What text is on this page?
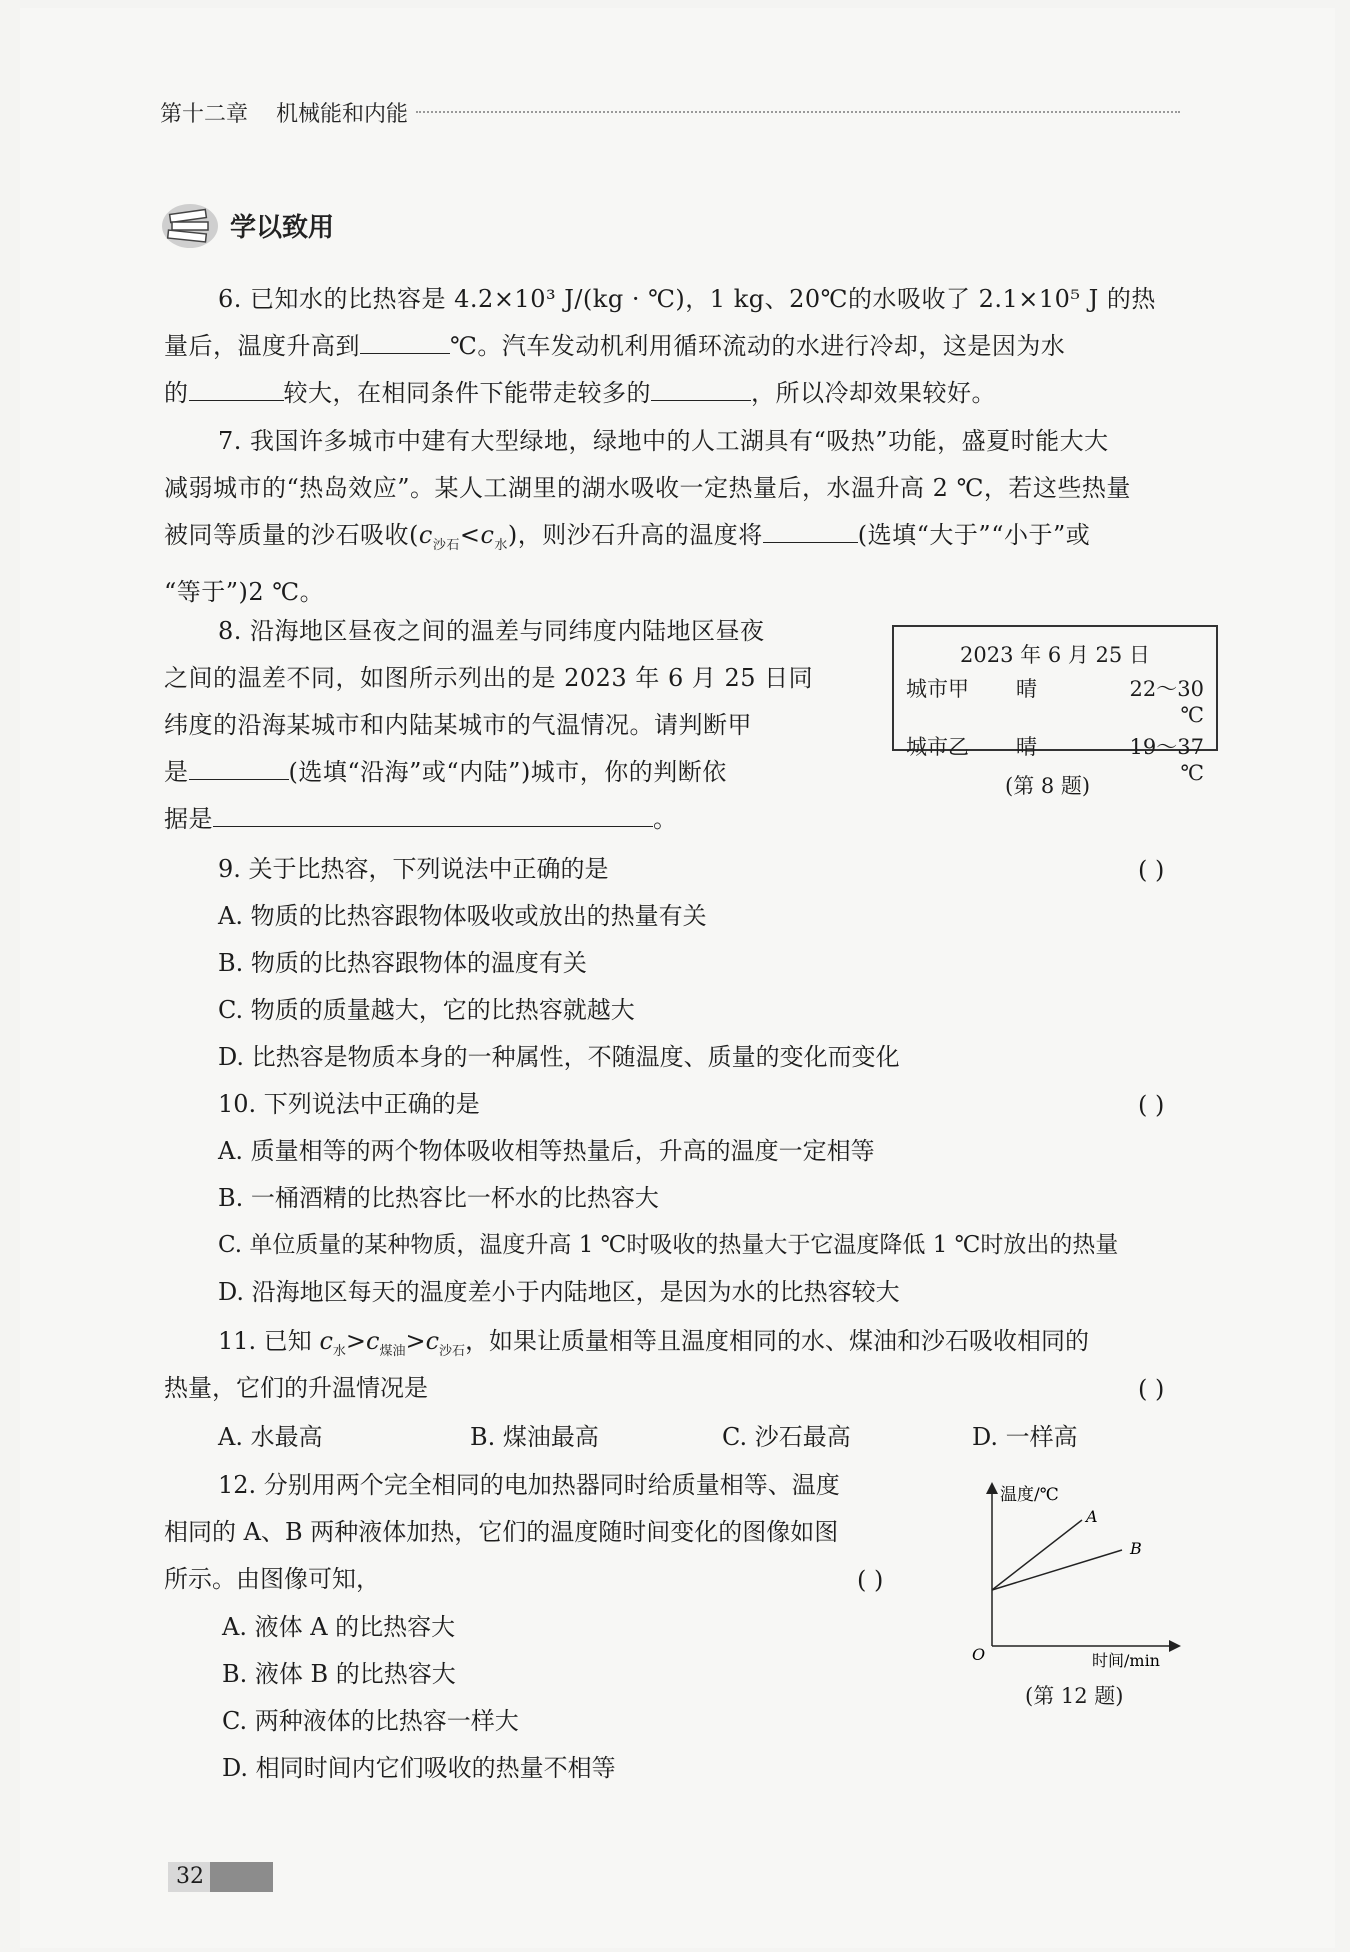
第十二章 机械能和内能
学以致用
6. 已知水的比热容是 4.2×10³ J/(kg · ℃)，1 kg、20℃的水吸收了 2.1×10⁵ J 的热
量后，温度升高到	℃。汽车发动机利用循环流动的水进行冷却，这是因为水
的	较大，在相同条件下能带走较多的	，所以冷却效果较好。
7. 我国许多城市中建有大型绿地，绿地中的人工湖具有“吸热”功能，盛夏时能大大
减弱城市的“热岛效应”。某人工湖里的湖水吸收一定热量后，水温升高 2 ℃，若这些热量
被同等质量的沙石吸收$(c_{沙石}<c_水)$，则沙石升高的温度将	(选填“大于”“小于”或
“等于”)2 ℃。
8. 沿海地区昼夜之间的温差与同纬度内陆地区昼夜
之间的温差不同，如图所示列出的是 2023 年 6 月 25 日同
纬度的沿海某城市和内陆某城市的气温情况。请判断甲
是	(选填“沿海”或“内陆”)城市，你的判断依
据是	。
2023 年 6 月 25 日
城市甲	晴	22～30 ℃
城市乙	晴	19～37 ℃
(第 8 题)
9. 关于比热容，下列说法中正确的是	( )
A. 物质的比热容跟物体吸收或放出的热量有关
B. 物质的比热容跟物体的温度有关
C. 物质的质量越大，它的比热容就越大
D. 比热容是物质本身的一种属性，不随温度、质量的变化而变化
10. 下列说法中正确的是	( )
A. 质量相等的两个物体吸收相等热量后，升高的温度一定相等
B. 一桶酒精的比热容比一杯水的比热容大
C. 单位质量的某种物质，温度升高 1 ℃时吸收的热量大于它温度降低 1 ℃时放出的热量
D. 沿海地区每天的温度差小于内陆地区，是因为水的比热容较大
11. 已知 $c_水>c_{煤油}>c_{沙石}$，如果让质量相等且温度相同的水、煤油和沙石吸收相同的
热量，它们的升温情况是	( )
A. 水最高	B. 煤油最高	C. 沙石最高	D. 一样高
12. 分别用两个完全相同的电加热器同时给质量相等、温度
相同的 A、B 两种液体加热，它们的温度随时间变化的图像如图
所示。由图像可知，	( )
A. 液体 A 的比热容大
B. 液体 B 的比热容大
C. 两种液体的比热容一样大
D. 相同时间内它们吸收的热量不相等
温度/℃
A
B
O	时间/min
(第 12 题)
32
